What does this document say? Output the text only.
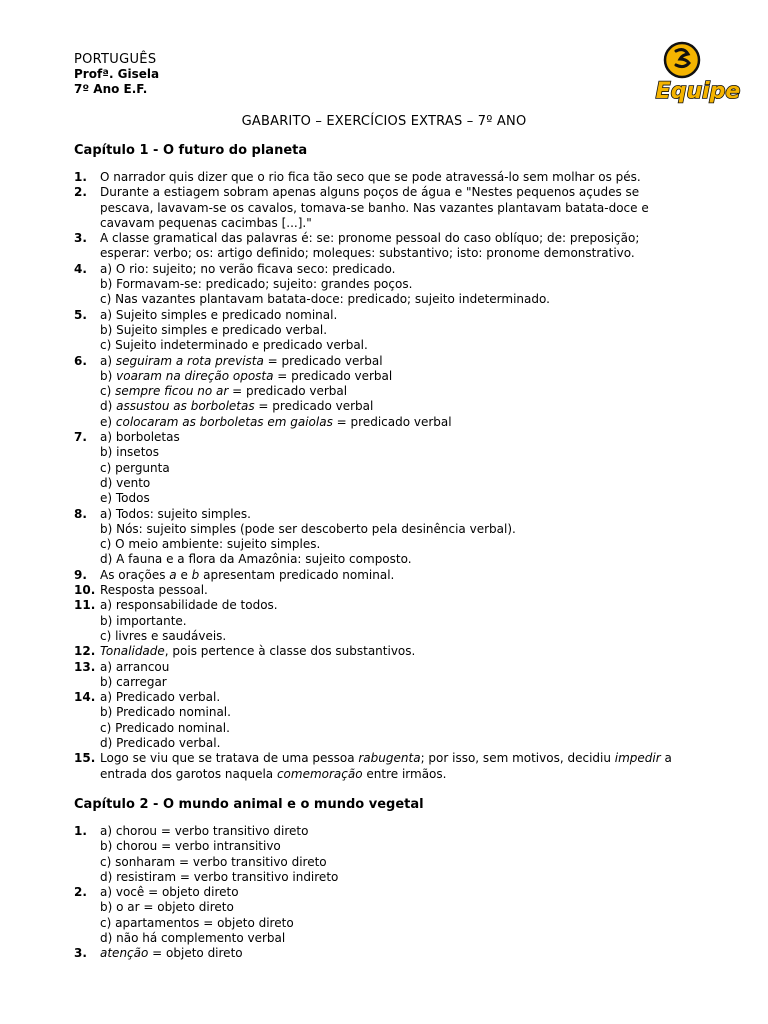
PORTUGUÊS
Profª. Gisela
7º Ano E.F.	Equipe
GABARITO – EXERCÍCIOS EXTRAS – 7º ANO
Capítulo 1 - O futuro do planeta
1.	O narrador quis dizer que o rio fica tão seco que se pode atravessá-lo sem molhar os pés.
2.	Durante a estiagem sobram apenas alguns poços de água e "Nestes pequenos açudes se pescava, lavavam-se os cavalos, tomava-se banho. Nas vazantes plantavam batata-doce e cavavam pequenas cacimbas [...]."
3.	A classe gramatical das palavras é: se: pronome pessoal do caso oblíquo; de: preposição; esperar: verbo; os: artigo definido; moleques: substantivo; isto: pronome demonstrativo.
4.	a) O rio: sujeito; no verão ficava seco: predicado.
b) Formavam-se: predicado; sujeito: grandes poços.
c) Nas vazantes plantavam batata-doce: predicado; sujeito indeterminado.
5.	a) Sujeito simples e predicado nominal.
b) Sujeito simples e predicado verbal.
c) Sujeito indeterminado e predicado verbal.
6.	a) seguiram a rota prevista = predicado verbal
b) voaram na direção oposta = predicado verbal
c) sempre ficou no ar = predicado verbal
d) assustou as borboletas = predicado verbal
e) colocaram as borboletas em gaiolas = predicado verbal
7.	a) borboletas
b) insetos
c) pergunta
d) vento
e) Todos
8.	a) Todos: sujeito simples.
b) Nós: sujeito simples (pode ser descoberto pela desinência verbal).
c) O meio ambiente: sujeito simples.
d) A fauna e a flora da Amazônia: sujeito composto.
9.	As orações a e b apresentam predicado nominal.
10. Resposta pessoal.
11. a) responsabilidade de todos.
b) importante.
c) livres e saudáveis.
12. Tonalidade, pois pertence à classe dos substantivos.
13. a) arrancou
b) carregar
14. a) Predicado verbal.
b) Predicado nominal.
c) Predicado nominal.
d) Predicado verbal.
15. Logo se viu que se tratava de uma pessoa rabugenta; por isso, sem motivos, decidiu impedir a entrada dos garotos naquela comemoração entre irmãos.
Capítulo 2 - O mundo animal e o mundo vegetal
1.	a) chorou = verbo transitivo direto
b) chorou = verbo intransitivo
c) sonharam = verbo transitivo direto
d) resistiram = verbo transitivo indireto
2.	a) você = objeto direto
b) o ar = objeto direto
c) apartamentos = objeto direto
d) não há complemento verbal
3.	atenção = objeto direto
